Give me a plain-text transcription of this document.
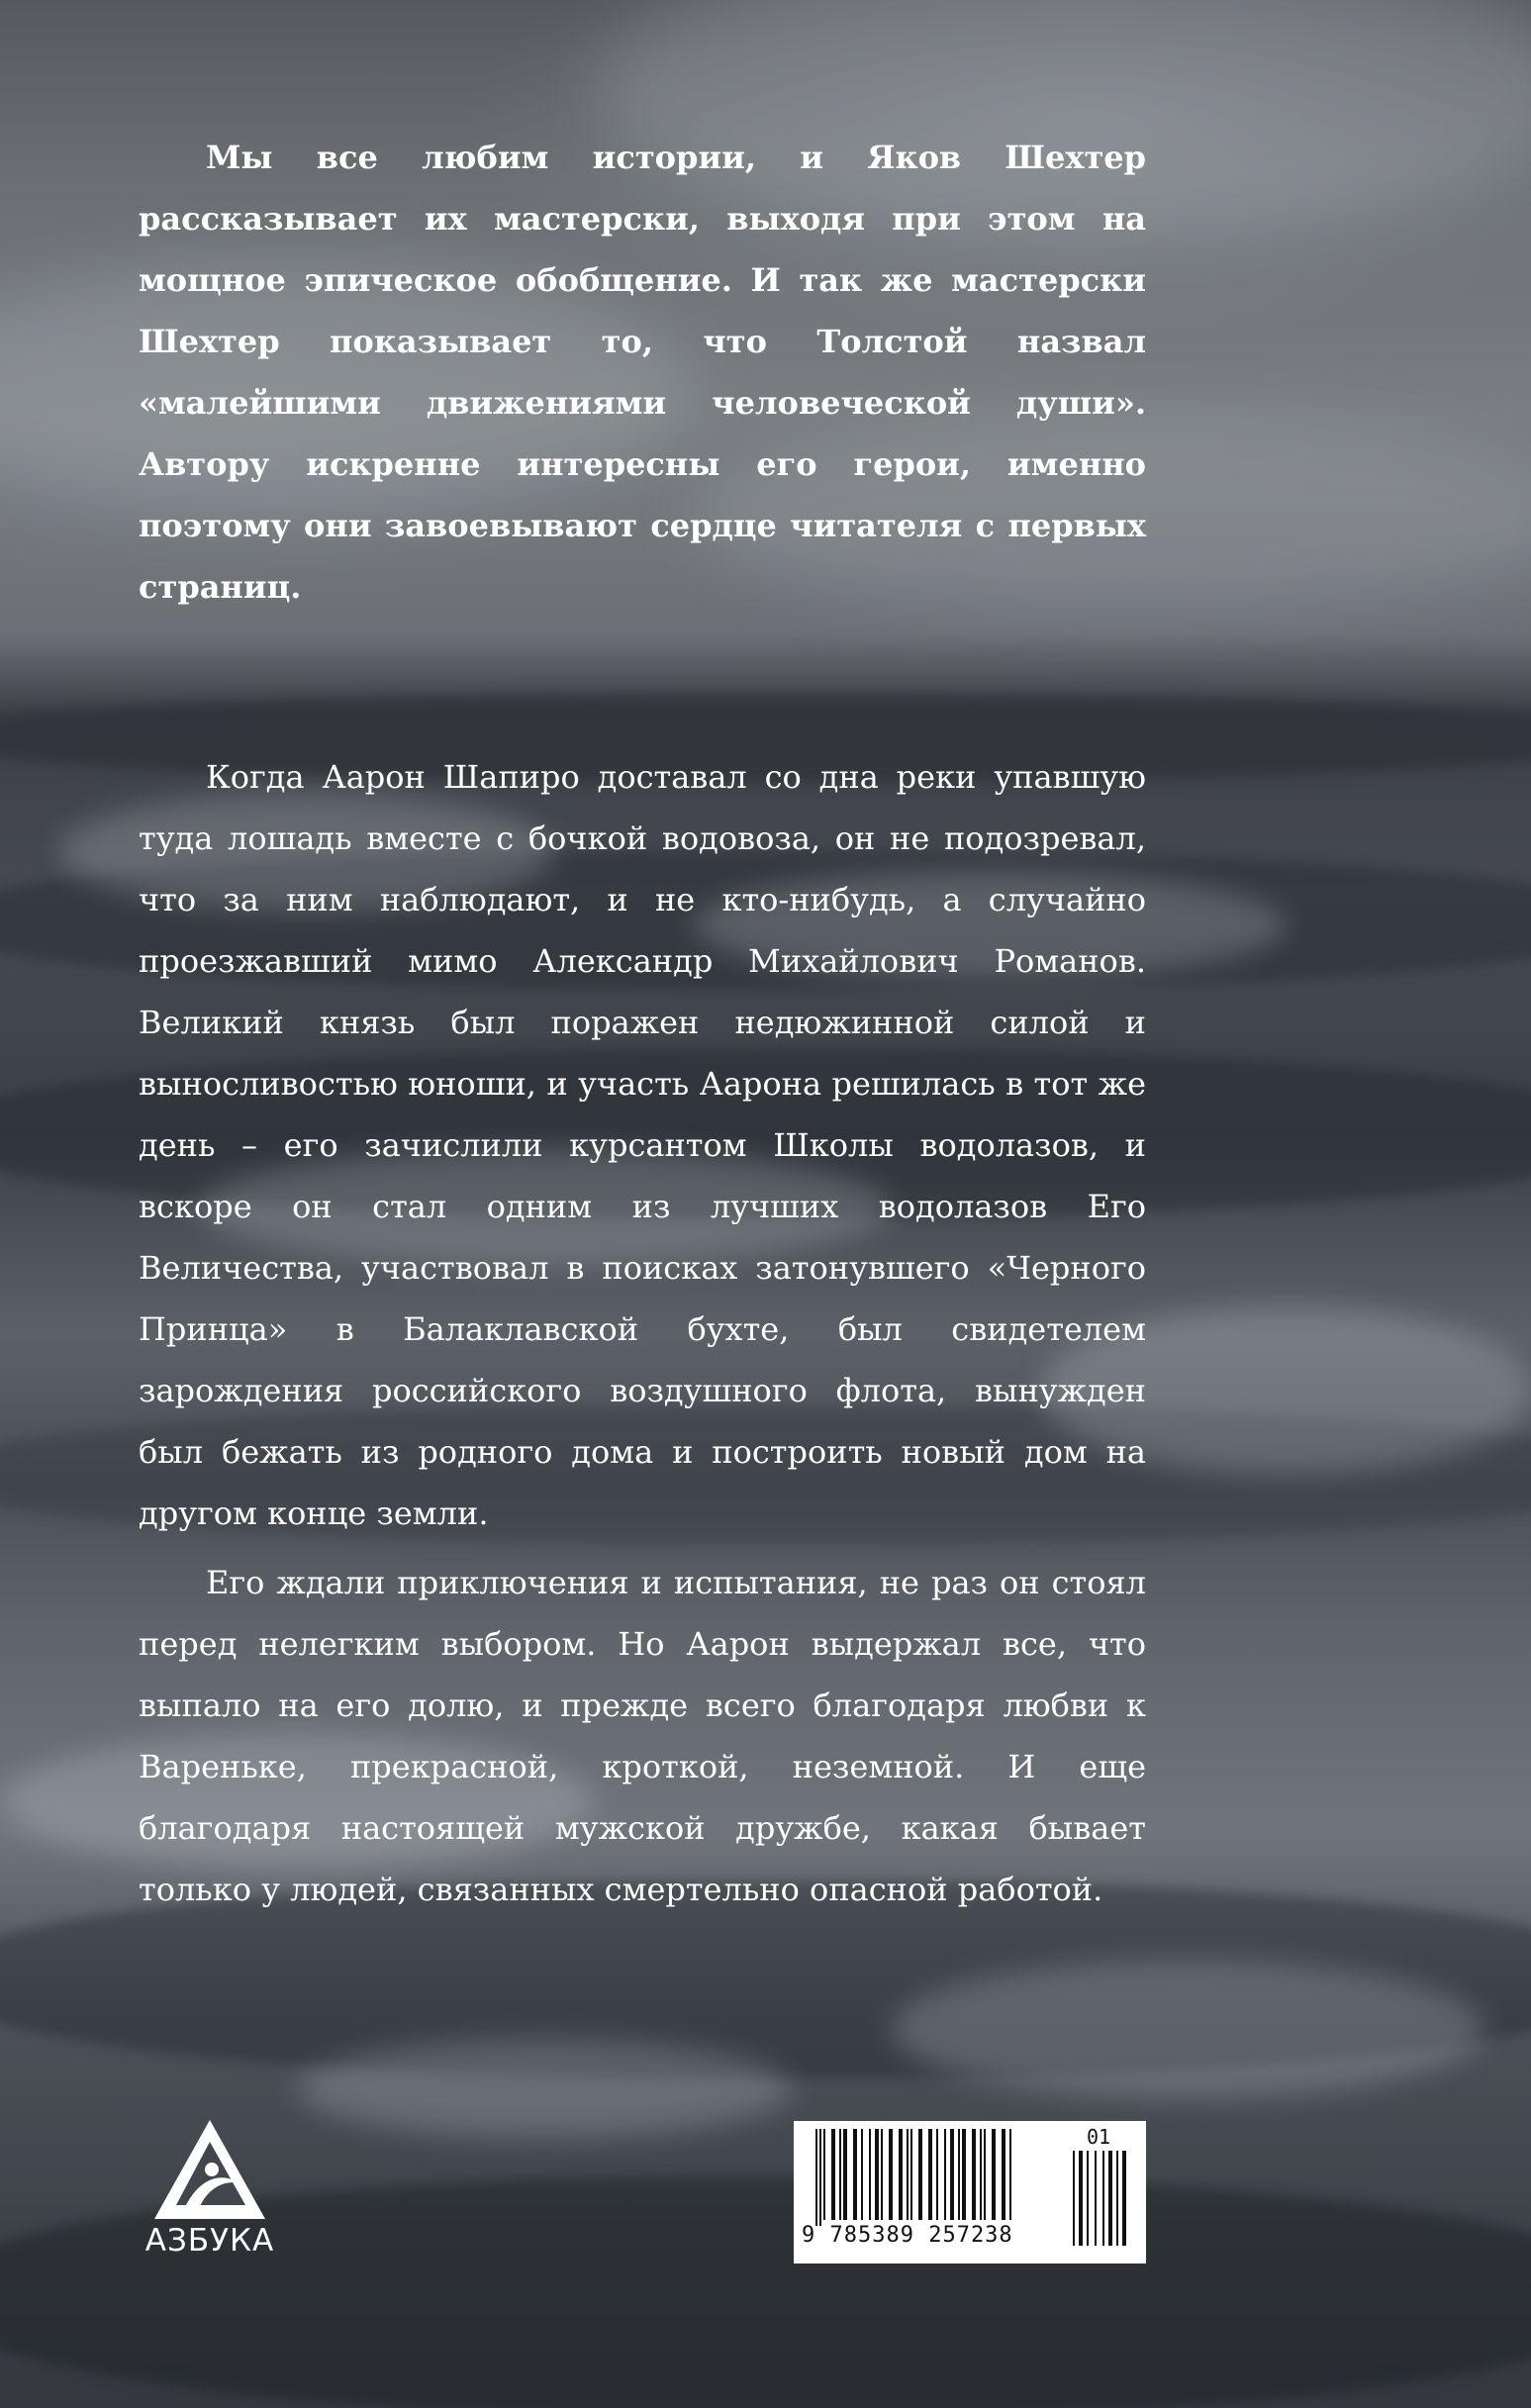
Мы все любим истории, и Яков Шехтер рассказывает их мастерски, выходя при этом на мощное эпическое обобщение. И так же мастерски Шехтер показывает то, что Толстой назвал «малейшими движениями человеческой души». Автору искренне интересны его герои, именно поэтому они завоевывают сердце читателя с первых страниц.

Когда Аарон Шапиро доставал со дна реки упавшую туда лошадь вместе с бочкой водовоза, он не подозревал, что за ним наблюдают, и не кто-нибудь, а случайно проезжавший мимо Александр Михайлович Романов. Великий князь был поражен недюжинной силой и выносливостью юноши, и участь Аарона решилась в тот же день – его зачислили курсантом Школы водолазов, и вскоре он стал одним из лучших водолазов Его Величества, участвовал в поисках затонувшего «Черного Принца» в Балаклавской бухте, был свидетелем зарождения российского воздушного флота, вынужден был бежать из родного дома и построить новый дом на другом конце земли.

Его ждали приключения и испытания, не раз он стоял перед нелегким выбором. Но Аарон выдержал все, что выпало на его долю, и прежде всего благодаря любви к Вареньке, прекрасной, кроткой, неземной. И еще благодаря настоящей мужской дружбе, какая бывает только у людей, связанных смертельно опасной работой.

АЗБУКА	9 785389 257238
01
